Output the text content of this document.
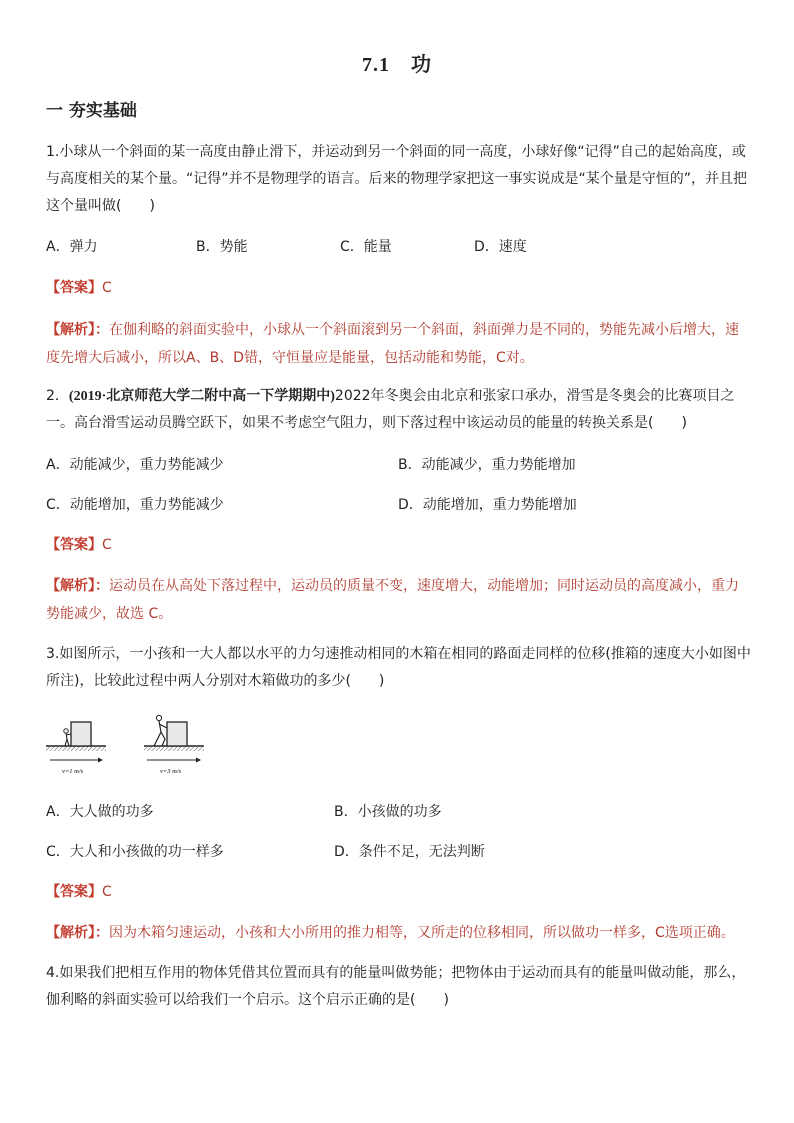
7.1　功
一 夯实基础
1.小球从一个斜面的某一高度由静止滑下，并运动到另一个斜面的同一高度，小球好像“记得”自己的起始高度，或与高度相关的某个量。“记得”并不是物理学的语言。后来的物理学家把这一事实说成是“某个量是守恒的”，并且把这个量叫做(　　)
A．弹力	B．势能	C．能量	D．速度
【答案】C
【解析】：在伽利略的斜面实验中，小球从一个斜面滚到另一个斜面，斜面弹力是不同的，势能先减小后增大，速度先增大后减小，所以A、B、D错，守恒量应是能量，包括动能和势能，C对。
2．(2019·北京师范大学二附中高一下学期期中)2022年冬奥会由北京和张家口承办，滑雪是冬奥会的比赛项目之一。高台滑雪运动员腾空跃下，如果不考虑空气阻力，则下落过程中该运动员的能量的转换关系是(　　)
A．动能减少，重力势能减少	B．动能减少，重力势能增加
C．动能增加，重力势能减少	D．动能增加，重力势能增加
【答案】C
【解析】：运动员在从高处下落过程中，运动员的质量不变，速度增大，动能增加；同时运动员的高度减小，重力势能减少，故选 C。
3.如图所示，一小孩和一大人都以水平的力匀速推动相同的木箱在相同的路面走同样的位移(推箱的速度大小如图中所注)，比较此过程中两人分别对木箱做功的多少(　　)
v=1 m/s	v=3 m/s
A．大人做的功多	B．小孩做的功多
C．大人和小孩做的功一样多	D．条件不足，无法判断
【答案】C
【解析】：因为木箱匀速运动，小孩和大小所用的推力相等，又所走的位移相同，所以做功一样多，C选项正确。
4.如果我们把相互作用的物体凭借其位置而具有的能量叫做势能；把物体由于运动而具有的能量叫做动能，那么，伽利略的斜面实验可以给我们一个启示。这个启示正确的是(　　)
